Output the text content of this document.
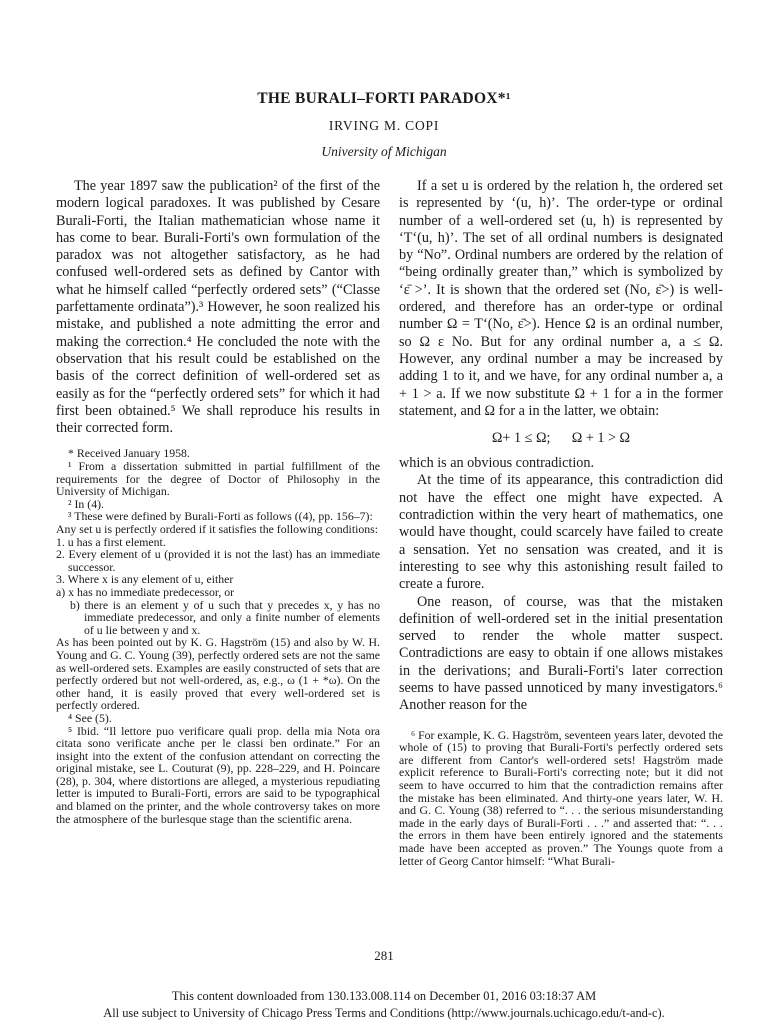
THE BURALI–FORTI PARADOX*¹
IRVING M. COPI
University of Michigan

The year 1897 saw the publication² of the first of the modern logical paradoxes. It was published by Cesare Burali-Forti, the Italian mathematician whose name it has come to bear. Burali-Forti's own formulation of the paradox was not altogether satisfactory, as he had confused well-ordered sets as defined by Cantor with what he himself called “perfectly ordered sets” (“Classe parfettamente ordinata”).³ However, he soon realized his mistake, and published a note admitting the error and making the correction.⁴ He concluded the note with the observation that his result could be established on the basis of the correct definition of well-ordered set as easily as for the “perfectly ordered sets” for which it had first been obtained.⁵ We shall reproduce his results in their corrected form.

* Received January 1958.

¹ From a dissertation submitted in partial fulfillment of the requirements for the degree of Doctor of Philosophy in the University of Michigan.

² In (4).

³ These were defined by Burali-Forti as follows ((4), pp. 156–7):

Any set u is perfectly ordered if it satisfies the following conditions:

1. u has a first element.

2. Every element of u (provided it is not the last) has an immediate successor.

3. Where x is any element of u, either

a) x has no immediate predecessor, or

b) there is an element y of u such that y precedes x, y has no immediate predecessor, and only a finite number of elements of u lie between y and x.

As has been pointed out by K. G. Hagström (15) and also by W. H. Young and G. C. Young (39), perfectly ordered sets are not the same as well-ordered sets. Examples are easily constructed of sets that are perfectly ordered but not well-ordered, as, e.g., ω (1 + *ω). On the other hand, it is easily proved that every well-ordered set is perfectly ordered.

⁴ See (5).

⁵ Ibid. “Il lettore puo verificare quali prop. della mia Nota ora citata sono verificate anche per le classi ben ordinate.” For an insight into the extent of the confusion attendant on correcting the original mistake, see L. Couturat (9), pp. 228–229, and H. Poincare (28), p. 304, where distortions are alleged, a mysterious repudiating letter is imputed to Burali-Forti, errors are said to be typographical and blamed on the printer, and the whole controversy takes on more the atmosphere of the burlesque stage than the scientific arena.

If a set u is ordered by the relation h, the ordered set is represented by ‘(u, h)’. The order-type or ordinal number of a well-ordered set (u, h) is represented by ‘T‘(u, h)’. The set of all ordinal numbers is designated by “No”. Ordinal numbers are ordered by the relation of “being ordinally greater than,” which is symbolized by ‘ε̄ >’. It is shown that the ordered set (No, ε̄>) is well-ordered, and therefore has an order-type or ordinal number Ω = T‘(No, ε̄>). Hence Ω is an ordinal number, so Ω ε No. But for any ordinal number a, a ≤ Ω. However, any ordinal number a may be increased by adding 1 to it, and we have, for any ordinal number a, a + 1 > a. If we now substitute Ω + 1 for a in the former statement, and Ω for a in the latter, we obtain:

Ω+ 1 ≤ Ω;      Ω + 1 > Ω

which is an obvious contradiction.

At the time of its appearance, this contradiction did not have the effect one might have expected. A contradiction within the very heart of mathematics, one would have thought, could scarcely have failed to create a sensation. Yet no sensation was created, and it is interesting to see why this astonishing result failed to create a furore.

One reason, of course, was that the mistaken definition of well-ordered set in the initial presentation served to render the whole matter suspect. Contradictions are easy to obtain if one allows mistakes in the derivations; and Burali-Forti's later correction seems to have passed unnoticed by many investigators.⁶ Another reason for the

⁶ For example, K. G. Hagström, seventeen years later, devoted the whole of (15) to proving that Burali-Forti's perfectly ordered sets are different from Cantor's well-ordered sets! Hagström made explicit reference to Burali-Forti's correcting note; but it did not seem to have occurred to him that the contradiction remains after the mistake has been eliminated. And thirty-one years later, W. H. and G. C. Young (38) referred to “. . . the serious misunderstanding made in the early days of Burali-Forti . . .” and asserted that: “. . . the errors in them have been entirely ignored and the statements made have been accepted as proven.” The Youngs quote from a letter of Georg Cantor himself: “What Burali-

281
This content downloaded from 130.133.008.114 on December 01, 2016 03:18:37 AM
All use subject to University of Chicago Press Terms and Conditions (http://www.journals.uchicago.edu/t-and-c).
